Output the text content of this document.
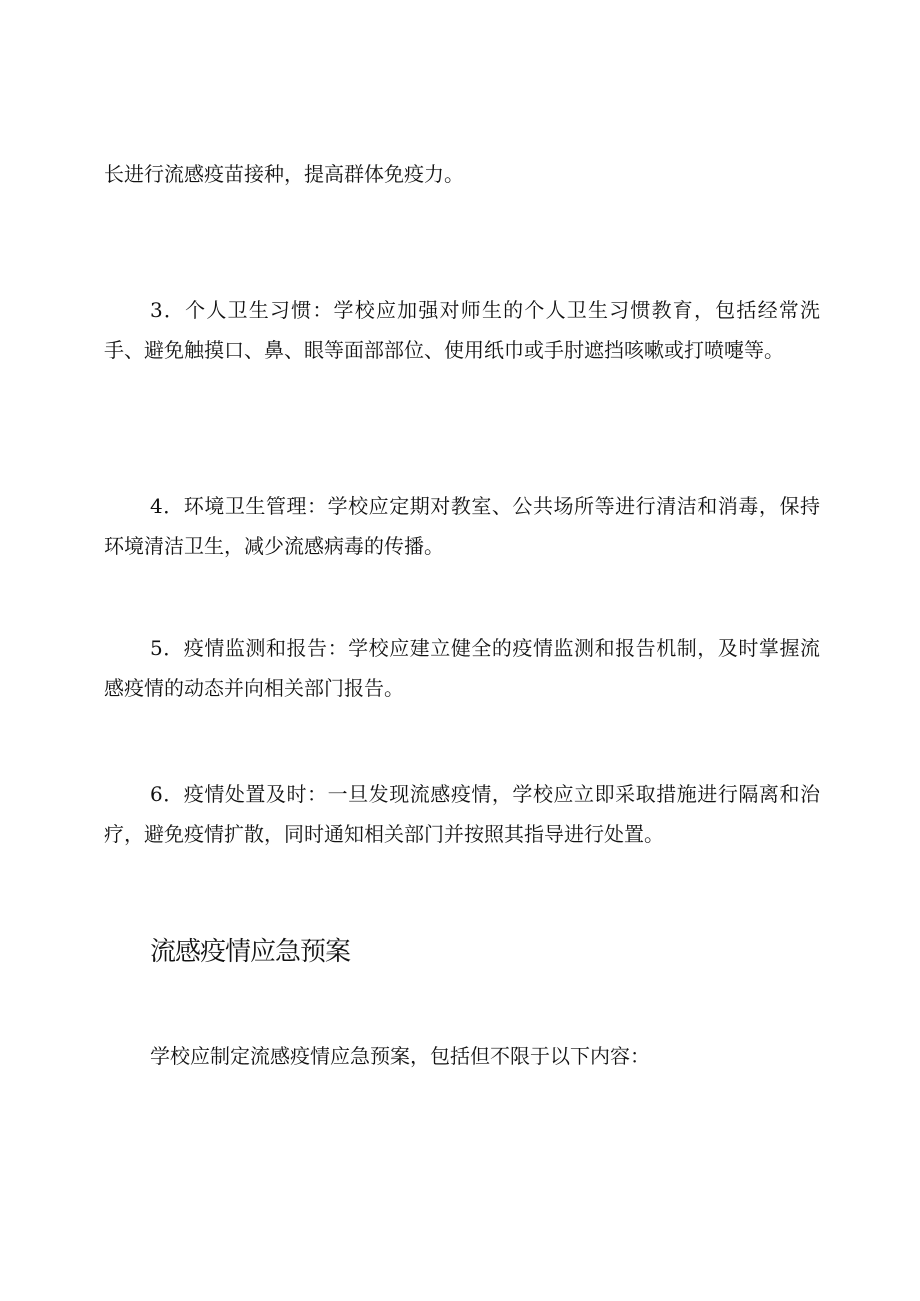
长进行流感疫苗接种，提高群体免疫力。

3．个人卫生习惯：学校应加强对师生的个人卫生习惯教育，包括经常洗手、避免触摸口、鼻、眼等面部部位、使用纸巾或手肘遮挡咳嗽或打喷嚏等。

4．环境卫生管理：学校应定期对教室、公共场所等进行清洁和消毒，保持环境清洁卫生，减少流感病毒的传播。

5．疫情监测和报告：学校应建立健全的疫情监测和报告机制，及时掌握流感疫情的动态并向相关部门报告。

6．疫情处置及时：一旦发现流感疫情，学校应立即采取措施进行隔离和治疗，避免疫情扩散，同时通知相关部门并按照其指导进行处置。

流感疫情应急预案

学校应制定流感疫情应急预案，包括但不限于以下内容：
